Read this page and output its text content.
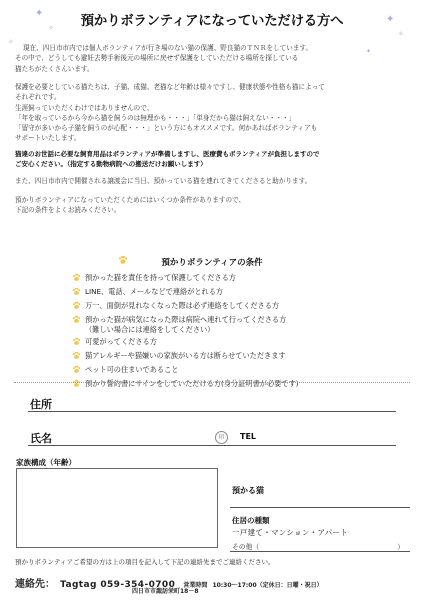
✦
✧
✦
✧
✧
✦
預かりボランティアになっていただける方へ
現在、四日市市内では個人ボランティアが行き場のない猫の保護、野良猫のＴＮＲをしています。
その中で、どうしても避妊去勢手術後元の場所に戻せず保護をしていただける場所を探している
猫たちがたくさんいます。
保護を必要としている猫たちは、子猫、成猫、老猫など年齢は様々ですし、健康状態や性格も猫によって
それぞれです。
生涯飼っていただくわけではありませんので、
「年を取っているから今から猫を飼うのは無理かも・・・」「単身だから猫は飼えない・・・」
「留守が多いから子猫を飼うのが心配・・・」という方にもオススメです。何かあればボランティアも
サポートいたします。
猫達のお世話に必要な飼育用品はボランティアが準備しますし、医療費もボランティアが負担しますので
ご安心ください。（指定する動物病院への搬送だけお願いします）
また、四日市市内で開催される譲渡会に当日、預かっている猫を連れてきてくださると助かります。
預かりボランティアになっていただくためにはいくつか条件がありますので、
下記の条件をよくお読みください。
預かりボランティアの条件
預かった猫を責任を持って保護してくださる方
LINE、電話、メールなどで連絡がとれる方
万一、面倒が見れなくなった際は必ず連絡をしてくださる方
預かった猫が病気になった際は病院へ連れて行ってくださる方
（難しい場合には連絡をしてください）
可愛がってくださる方
猫アレルギーや猫嫌いの家族がいる方は断らせていただきます
ペット可の住まいであること
預かり誓約書にサインをしていただける方(身分証明書が必要です)
住所
氏名	印	TEL
家族構成（年齢）
預かる猫
住居の種類
一戸建て・マンション・アパート
その他（	）
預かりボランティアご希望の方は上の項目を記入して下記の連絡先までご連絡ください。
連絡先： Tagtag 059-354-0700 営業時間 10:30～17:00（定休日：日曜・祝日）
四日市市諏訪栄町18－8
